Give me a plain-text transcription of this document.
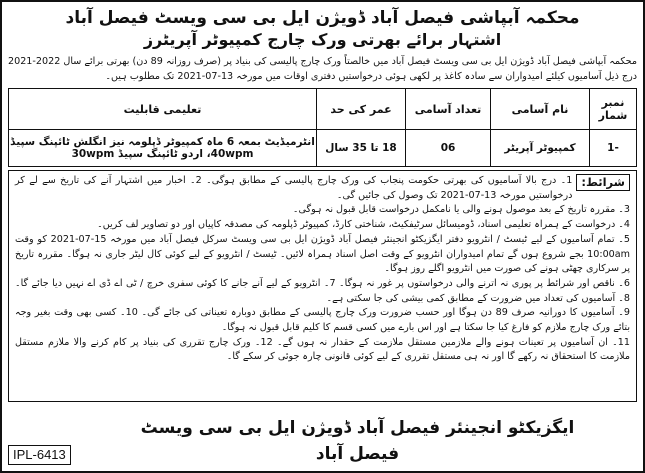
محکمہ آبپاشی فیصل آباد ڈویژن ایل بی سی ویسٹ فیصل آباد
اشتہار برائے بھرتی ورک چارج کمپیوٹر آپریٹرز
محکمہ آبپاشی فیصل آباد ڈویژن ایل بی سی ویسٹ فیصل آباد میں خالصتاً ورک چارج پالیسی کی بنیاد پر (صرف روزانہ 89 دن) بھرتی برائے سال 2022-2021 درج ذیل آسامیوں کیلئے امیدواران سے سادہ کاغذ پر لکھی ہوئی درخواستیں دفتری اوقات میں مورخہ 13-07-2021 تک مطلوب ہیں۔
نمبر شمار	نام آسامی	تعداد آسامی	عمر کی حد	تعلیمی قابلیت
-1	کمپیوٹر آپریٹر	06	18 تا 35 سال	انٹرمیڈیٹ بمعہ 6 ماہ کمپیوٹر ڈپلومہ نیز انگلش ٹائپنگ سپیڈ 40wpm، اردو ٹائپنگ سپیڈ 30wpm
شرائط:

1۔ درج بالا آسامیوں کی بھرتی حکومت پنجاب کی ورک چارج پالیسی کے مطابق ہوگی۔ 2۔ اخبار میں اشتہار آنے کی تاریخ سے لے کر درخواستیں مورخہ 13-07-2021 تک وصول کی جائیں گی۔

3۔ مقررہ تاریخ کے بعد موصول ہونے والی یا نامکمل درخواست قابل قبول نہ ہوگی۔

4۔ درخواست کے ہمراہ تعلیمی اسناد، ڈومیسائل سرٹیفکیٹ، شناختی کارڈ، کمپیوٹر ڈپلومہ کی مصدقہ کاپیاں اور دو تصاویر لف کریں۔

5۔ تمام آسامیوں کے لیے ٹیسٹ / انٹرویو دفتر ایگزیکٹو انجینئر فیصل آباد ڈویژن ایل بی سی ویسٹ سرکل فیصل آباد میں مورخہ 15-07-2021 کو وقت 10:00am بجے شروع ہوں گے تمام امیدواران انٹرویو کے وقت اصل اسناد ہمراہ لائیں۔ ٹیسٹ / انٹرویو کے لیے کوئی کال لیٹر جاری نہ ہوگا۔ مقررہ تاریخ پر سرکاری چھٹی ہونے کی صورت میں انٹرویو اگلے روز ہوگا۔

6۔ ناقص اور شرائط پر پوری نہ اترنے والی درخواستوں پر غور نہ ہوگا۔ 7۔ انٹرویو کے لیے آنے جانے کا کوئی سفری خرچ / ٹی اے ڈی اے نہیں دیا جائے گا۔ 8۔ آسامیوں کی تعداد میں ضرورت کے مطابق کمی بیشی کی جا سکتی ہے۔

9۔ آسامیوں کا دورانیہ صرف 89 دن ہوگا اور حسب ضرورت ورک چارج پالیسی کے مطابق دوبارہ تعیناتی کی جائے گی۔ 10۔ کسی بھی وقت بغیر وجہ بتائے ورک چارج ملازم کو فارغ کیا جا سکتا ہے اور اس بارے میں کسی قسم کا کلیم قابل قبول نہ ہوگا۔

11۔ ان آسامیوں پر تعینات ہونے والے ملازمین مستقل ملازمت کے حقدار نہ ہوں گے۔ 12۔ ورک چارج تقرری کی بنیاد پر کام کرنے والا ملازم مستقل ملازمت کا استحقاق نہ رکھے گا اور نہ ہی مستقل تقرری کے لیے کوئی قانونی چارہ جوئی کر سکے گا۔

IPL-6413
ایگزیکٹو انجینئر فیصل آباد ڈویژن ایل بی سی ویسٹ فیصل آباد
